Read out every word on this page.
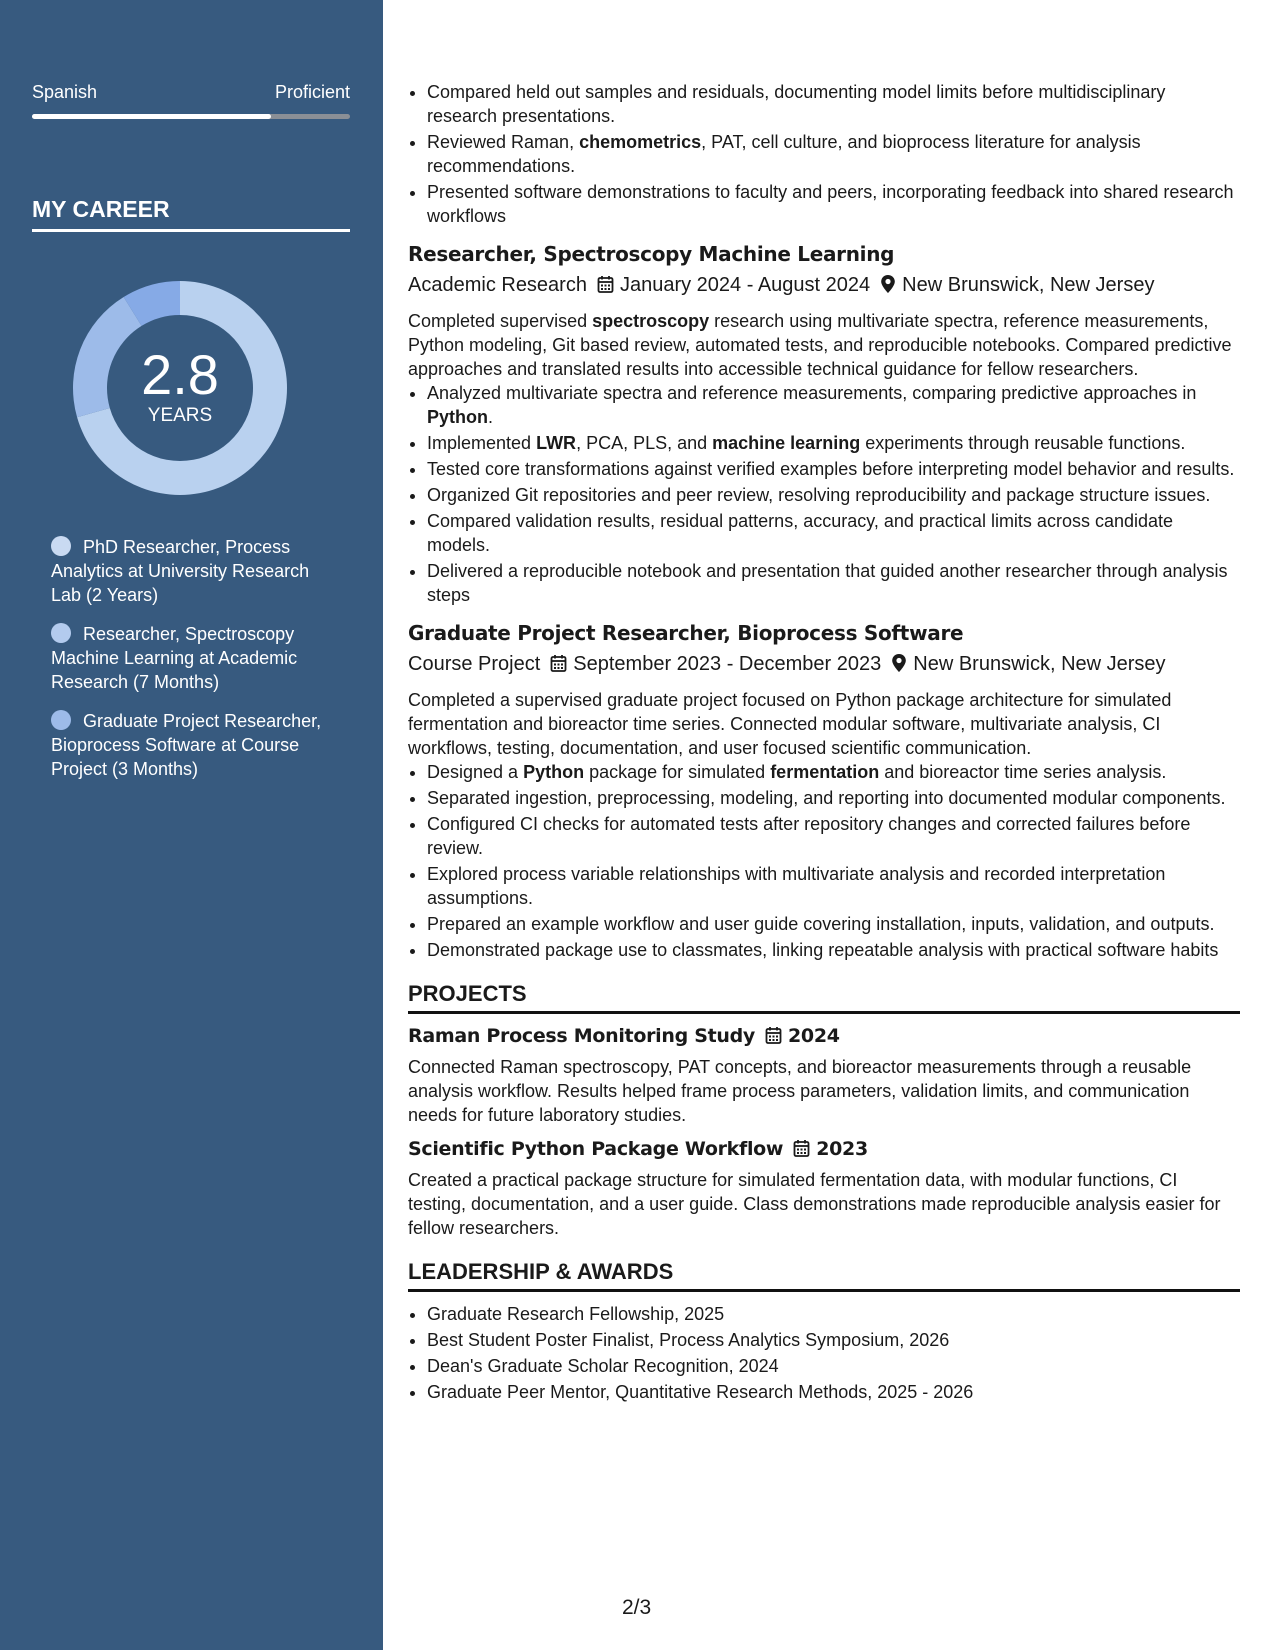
Spanish	Proficient
MY CAREER
2.8
YEARS
PhD Researcher, Process Analytics at University Research Lab (2 Years)
Researcher, Spectroscopy Machine Learning at Academic Research (7 Months)
Graduate Project Researcher, Bioprocess Software at Course Project (3 Months)
• Compared held out samples and residuals, documenting model limits before multidisciplinary research presentations.
• Reviewed Raman, chemometrics, PAT, cell culture, and bioprocess literature for analysis recommendations.
• Presented software demonstrations to faculty and peers, incorporating feedback into shared research workflows
Researcher, Spectroscopy Machine Learning
Academic Research January 2024 - August 2024 New Brunswick, New Jersey
Completed supervised spectroscopy research using multivariate spectra, reference measurements, Python modeling, Git based review, automated tests, and reproducible notebooks. Compared predictive approaches and translated results into accessible technical guidance for fellow researchers.
• Analyzed multivariate spectra and reference measurements, comparing predictive approaches in Python.
• Implemented LWR, PCA, PLS, and machine learning experiments through reusable functions.
• Tested core transformations against verified examples before interpreting model behavior and results.
• Organized Git repositories and peer review, resolving reproducibility and package structure issues.
• Compared validation results, residual patterns, accuracy, and practical limits across candidate models.
• Delivered a reproducible notebook and presentation that guided another researcher through analysis steps
Graduate Project Researcher, Bioprocess Software
Course Project September 2023 - December 2023 New Brunswick, New Jersey
Completed a supervised graduate project focused on Python package architecture for simulated fermentation and bioreactor time series. Connected modular software, multivariate analysis, CI workflows, testing, documentation, and user focused scientific communication.
• Designed a Python package for simulated fermentation and bioreactor time series analysis.
• Separated ingestion, preprocessing, modeling, and reporting into documented modular components.
• Configured CI checks for automated tests after repository changes and corrected failures before review.
• Explored process variable relationships with multivariate analysis and recorded interpretation assumptions.
• Prepared an example workflow and user guide covering installation, inputs, validation, and outputs.
• Demonstrated package use to classmates, linking repeatable analysis with practical software habits
PROJECTS
Raman Process Monitoring Study 2024
Connected Raman spectroscopy, PAT concepts, and bioreactor measurements through a reusable analysis workflow. Results helped frame process parameters, validation limits, and communication needs for future laboratory studies.
Scientific Python Package Workflow 2023
Created a practical package structure for simulated fermentation data, with modular functions, CI testing, documentation, and a user guide. Class demonstrations made reproducible analysis easier for fellow researchers.
LEADERSHIP & AWARDS
• Graduate Research Fellowship, 2025
• Best Student Poster Finalist, Process Analytics Symposium, 2026
• Dean's Graduate Scholar Recognition, 2024
• Graduate Peer Mentor, Quantitative Research Methods, 2025 - 2026
2/3
